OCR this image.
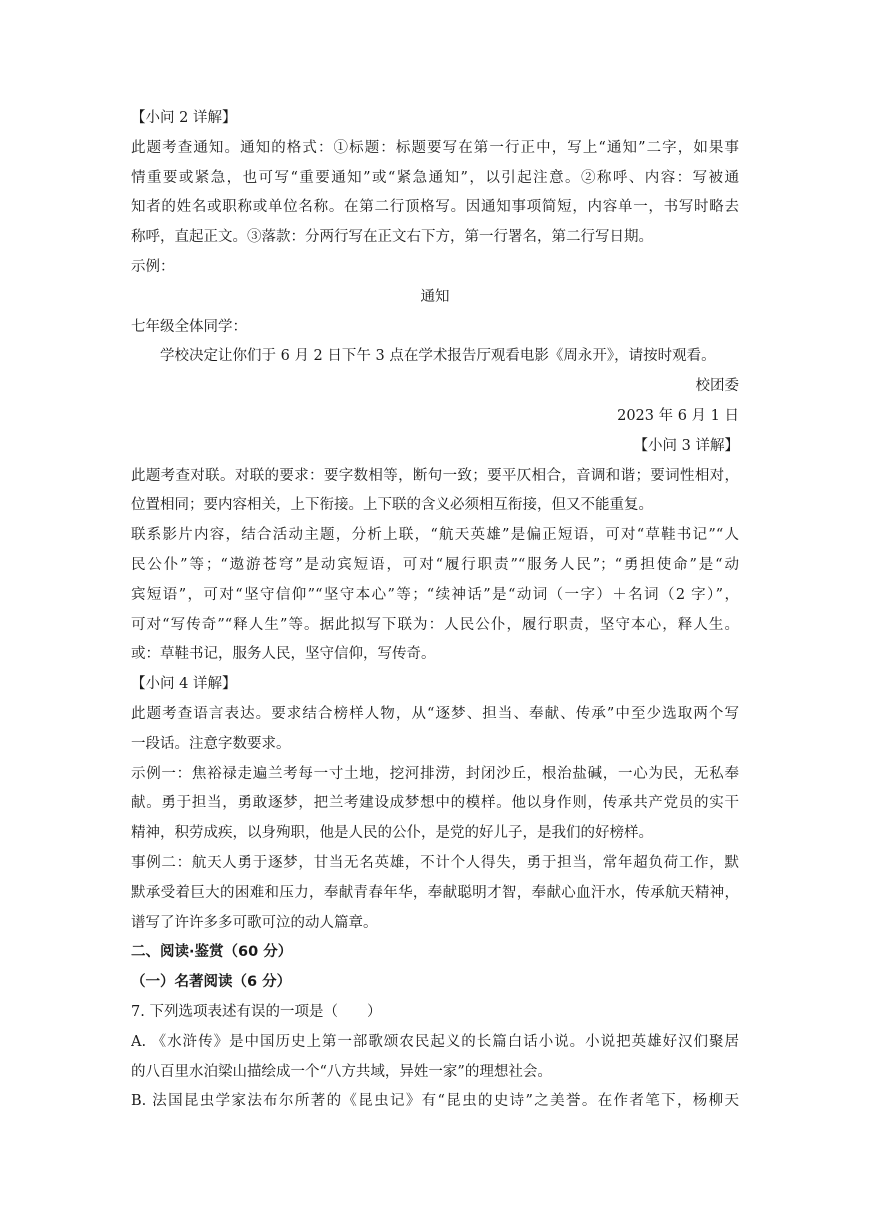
【小问 2 详解】
此题考查通知。通知的格式：①标题：标题要写在第一行正中，写上“通知”二字，如果事
情重要或紧急，也可写“重要通知”或“紧急通知”，以引起注意。②称呼、内容：写被通
知者的姓名或职称或单位名称。在第二行顶格写。因通知事项简短，内容单一，书写时略去
称呼，直起正文。③落款：分两行写在正文右下方，第一行署名，第二行写日期。
示例：
通知
七年级全体同学：
学校决定让你们于 6 月 2 日下午 3 点在学术报告厅观看电影《周永开》，请按时观看。
校团委
2023 年 6 月 1 日
【小问 3 详解】
此题考查对联。对联的要求：要字数相等，断句一致；要平仄相合，音调和谐；要词性相对，
位置相同；要内容相关，上下衔接。上下联的含义必须相互衔接，但又不能重复。
联系影片内容，结合活动主题，分析上联，“航天英雄”是偏正短语，可对“草鞋书记”“人
民公仆”等；“遨游苍穹”是动宾短语，可对“履行职责”“服务人民”；“勇担使命”是“动
宾短语”，可对“坚守信仰”“坚守本心”等；“续神话”是“动词（一字）＋名词（2 字）”，
可对“写传奇”“释人生”等。据此拟写下联为：人民公仆，履行职责，坚守本心，释人生。
或：草鞋书记，服务人民，坚守信仰，写传奇。
【小问 4 详解】
此题考查语言表达。要求结合榜样人物，从“逐梦、担当、奉献、传承”中至少选取两个写
一段话。注意字数要求。
示例一：焦裕禄走遍兰考每一寸土地，挖河排涝，封闭沙丘，根治盐碱，一心为民，无私奉
献。勇于担当，勇敢逐梦，把兰考建设成梦想中的模样。他以身作则，传承共产党员的实干
精神，积劳成疾，以身殉职，他是人民的公仆，是党的好儿子，是我们的好榜样。
事例二：航天人勇于逐梦，甘当无名英雄，不计个人得失，勇于担当，常年超负荷工作，默
默承受着巨大的困难和压力，奉献青春年华，奉献聪明才智，奉献心血汗水，传承航天精神，
谱写了许许多多可歌可泣的动人篇章。
二、阅读·鉴赏（60 分）
（一）名著阅读（6 分）
7. 下列选项表述有误的一项是（　　）
A. 《水浒传》是中国历史上第一部歌颂农民起义的长篇白话小说。小说把英雄好汉们聚居
的八百里水泊梁山描绘成一个“八方共域，异姓一家”的理想社会。
B. 法国昆虫学家法布尔所著的《昆虫记》有“昆虫的史诗”之美誉。在作者笔下，杨柳天
